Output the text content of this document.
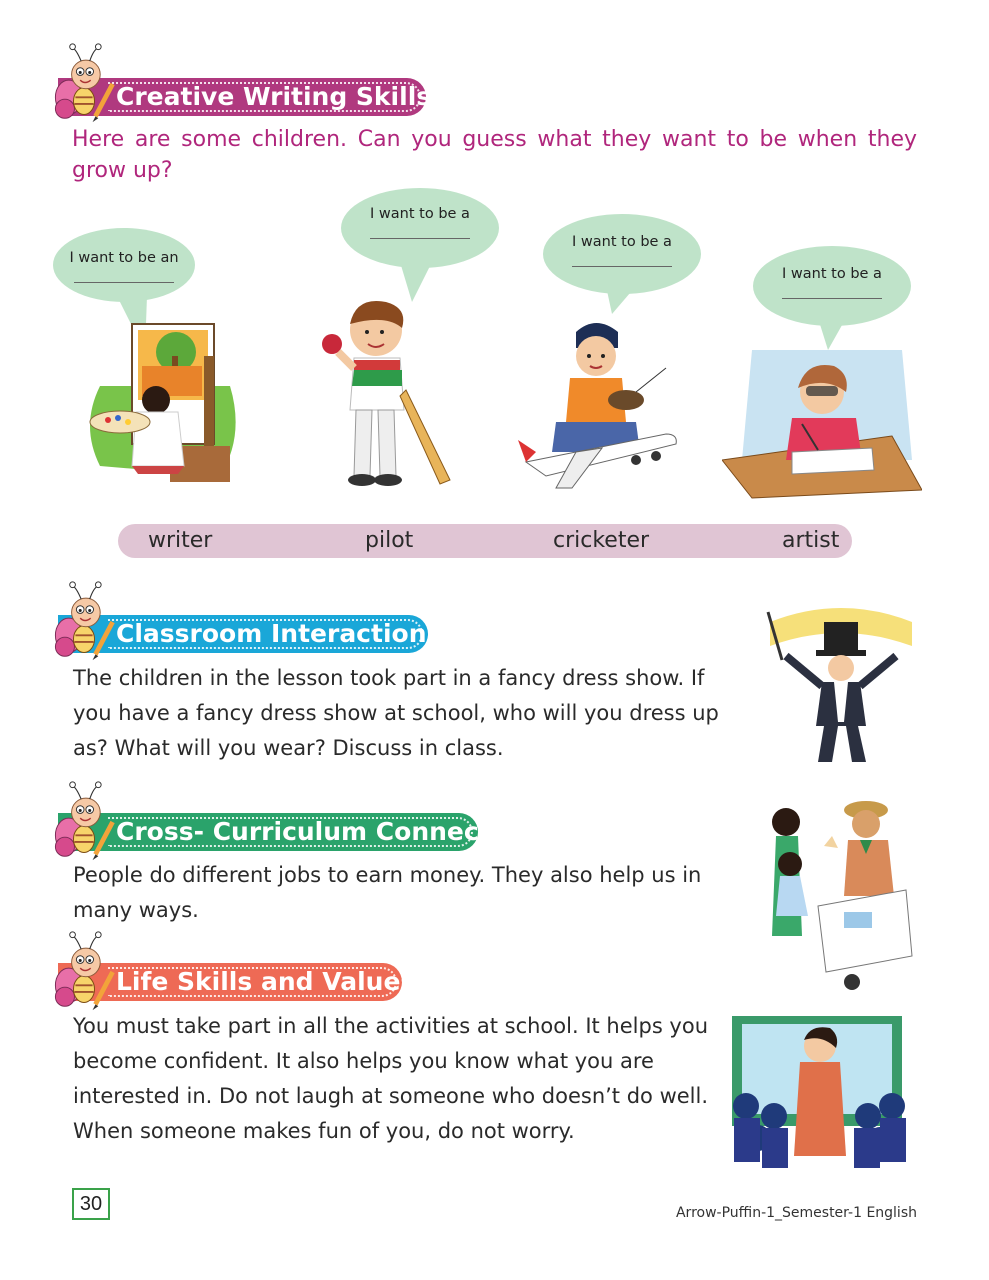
Creative Writing Skills
Here are some children. Can you guess what they want to be when they grow up?
I want to be an
I want to be a
I want to be a
I want to be a
writer	pilot	cricketer	artist
Classroom Interaction
The children in the lesson took part in a fancy dress show. If you have a fancy dress show at school, who will you dress up as? What will you wear? Discuss in class.
Cross- Curriculum Connect
People do different jobs to earn money. They also help us in many ways.
Life Skills and Values
You must take part in all the activities at school. It helps you become confident. It also helps you know what you are interested in. Do not laugh at someone who doesn’t do well. When someone makes fun of you, do not worry.
30	Arrow-Puffin-1_Semester-1 English
